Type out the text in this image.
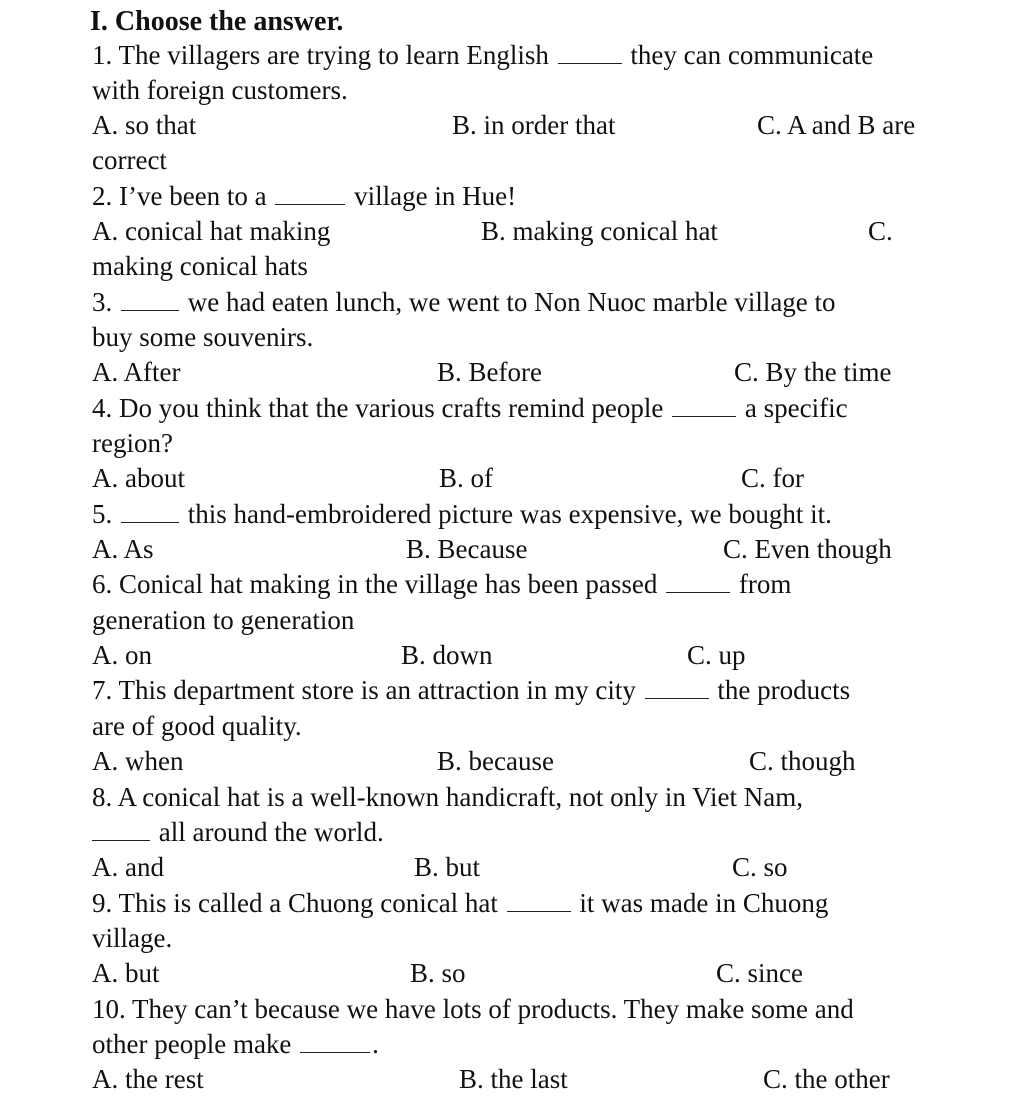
I. Choose the answer.
1. The villagers are trying to learn English	they can communicate
with foreign customers.
A. so that	B. in order that	C. A and B are
correct
2. I’ve been to a	village in Hue!
A. conical hat making	B. making conical hat	C.
making conical hats
3.	we had eaten lunch, we went to Non Nuoc marble village to
buy some souvenirs.
A. After	B. Before	C. By the time
4. Do you think that the various crafts remind people	a specific
region?
A. about	B. of	C. for
5.	this hand-embroidered picture was expensive, we bought it.
A. As	B. Because	C. Even though
6. Conical hat making in the village has been passed	from
generation to generation
A. on	B. down	C. up
7. This department store is an attraction in my city	the products
are of good quality.
A. when	B. because	C. though
8. A conical hat is a well-known handicraft, not only in Viet Nam,
all around the world.
A. and	B. but	C. so
9. This is called a Chuong conical hat	it was made in Chuong
village.
A. but	B. so	C. since
10. They can’t because we have lots of products. They make some and
other people make	.
A. the rest	B. the last	C. the other
